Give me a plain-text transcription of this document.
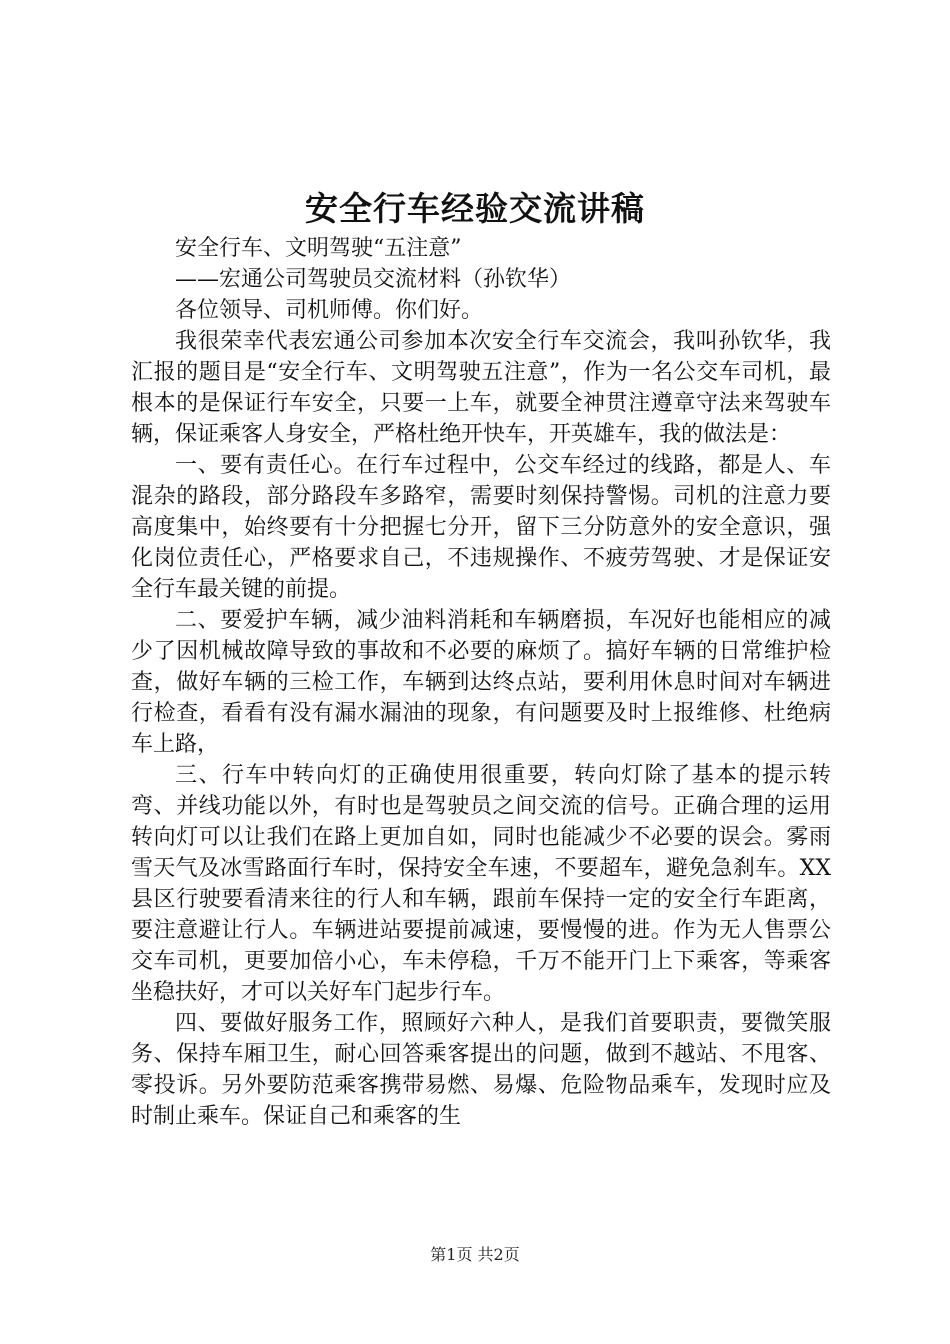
安全行车经验交流讲稿

安全行车、文明驾驶“五注意”

——宏通公司驾驶员交流材料（孙钦华）

各位领导、司机师傅。你们好。

我很荣幸代表宏通公司参加本次安全行车交流会，我叫孙钦华，我汇报的题目是“安全行车、文明驾驶五注意”，作为一名公交车司机，最根本的是保证行车安全，只要一上车，就要全神贯注遵章守法来驾驶车辆，保证乘客人身安全，严格杜绝开快车，开英雄车，我的做法是：

一、要有责任心。在行车过程中，公交车经过的线路，都是人、车混杂的路段，部分路段车多路窄，需要时刻保持警惕。司机的注意力要高度集中，始终要有十分把握七分开，留下三分防意外的安全意识，强化岗位责任心，严格要求自己，不违规操作、不疲劳驾驶、才是保证安全行车最关键的前提。

二、要爱护车辆，减少油料消耗和车辆磨损，车况好也能相应的减少了因机械故障导致的事故和不必要的麻烦了。搞好车辆的日常维护检查，做好车辆的三检工作，车辆到达终点站，要利用休息时间对车辆进行检查，看看有没有漏水漏油的现象，有问题要及时上报维修、杜绝病车上路，

三、行车中转向灯的正确使用很重要，转向灯除了基本的提示转弯、并线功能以外，有时也是驾驶员之间交流的信号。正确合理的运用转向灯可以让我们在路上更加自如，同时也能减少不必要的误会。雾雨雪天气及冰雪路面行车时，保持安全车速，不要超车，避免急刹车。XX县区行驶要看清来往的行人和车辆，跟前车保持一定的安全行车距离，要注意避让行人。车辆进站要提前减速，要慢慢的进。作为无人售票公交车司机，更要加倍小心，车未停稳，千万不能开门上下乘客，等乘客坐稳扶好，才可以关好车门起步行车。

四、要做好服务工作，照顾好六种人，是我们首要职责，要微笑服务、保持车厢卫生，耐心回答乘客提出的问题，做到不越站、不甩客、零投诉。另外要防范乘客携带易燃、易爆、危险物品乘车，发现时应及时制止乘车。保证自己和乘客的生

第1页 共2页
